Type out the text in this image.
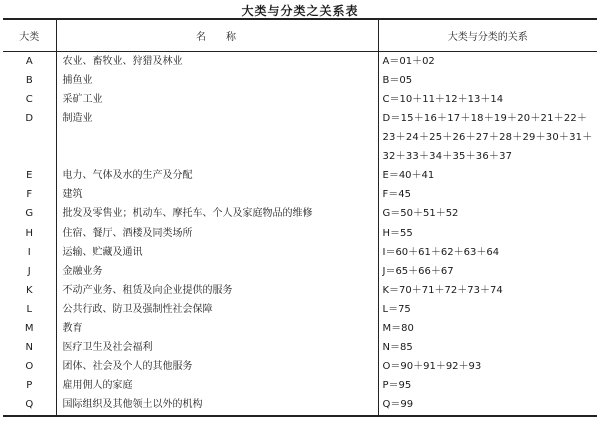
大类与分类之关系表
大类	名 称	大类与分类的关系
A	农业、畜牧业、狩猎及林业	A＝01＋02

B	捕鱼业	B＝05

C	采矿工业	C＝10＋11＋12＋13＋14

D	制造业	D＝15＋16＋17＋18＋19＋20＋21＋22＋23＋24＋25＋26＋27＋28＋29＋30＋31＋32＋33＋34＋35＋36＋37

E	电力、气体及水的生产及分配	E＝40＋41

F	建筑	F＝45

G	批发及零售业；机动车、摩托车、个人及家庭物品的维修	G＝50＋51＋52

H	住宿、餐厅、酒楼及同类场所	H＝55

I	运输、贮藏及通讯	I＝60＋61＋62＋63＋64

J	金融业务	J＝65＋66＋67

K	不动产业务、租赁及向企业提供的服务	K＝70＋71＋72＋73＋74

L	公共行政、防卫及强制性社会保障	L＝75

M	教育	M＝80

N	医疗卫生及社会福利	N＝85

O	团体、社会及个人的其他服务	O＝90＋91＋92＋93

P	雇用佣人的家庭	P＝95

Q	国际组织及其他领土以外的机构	Q＝99
